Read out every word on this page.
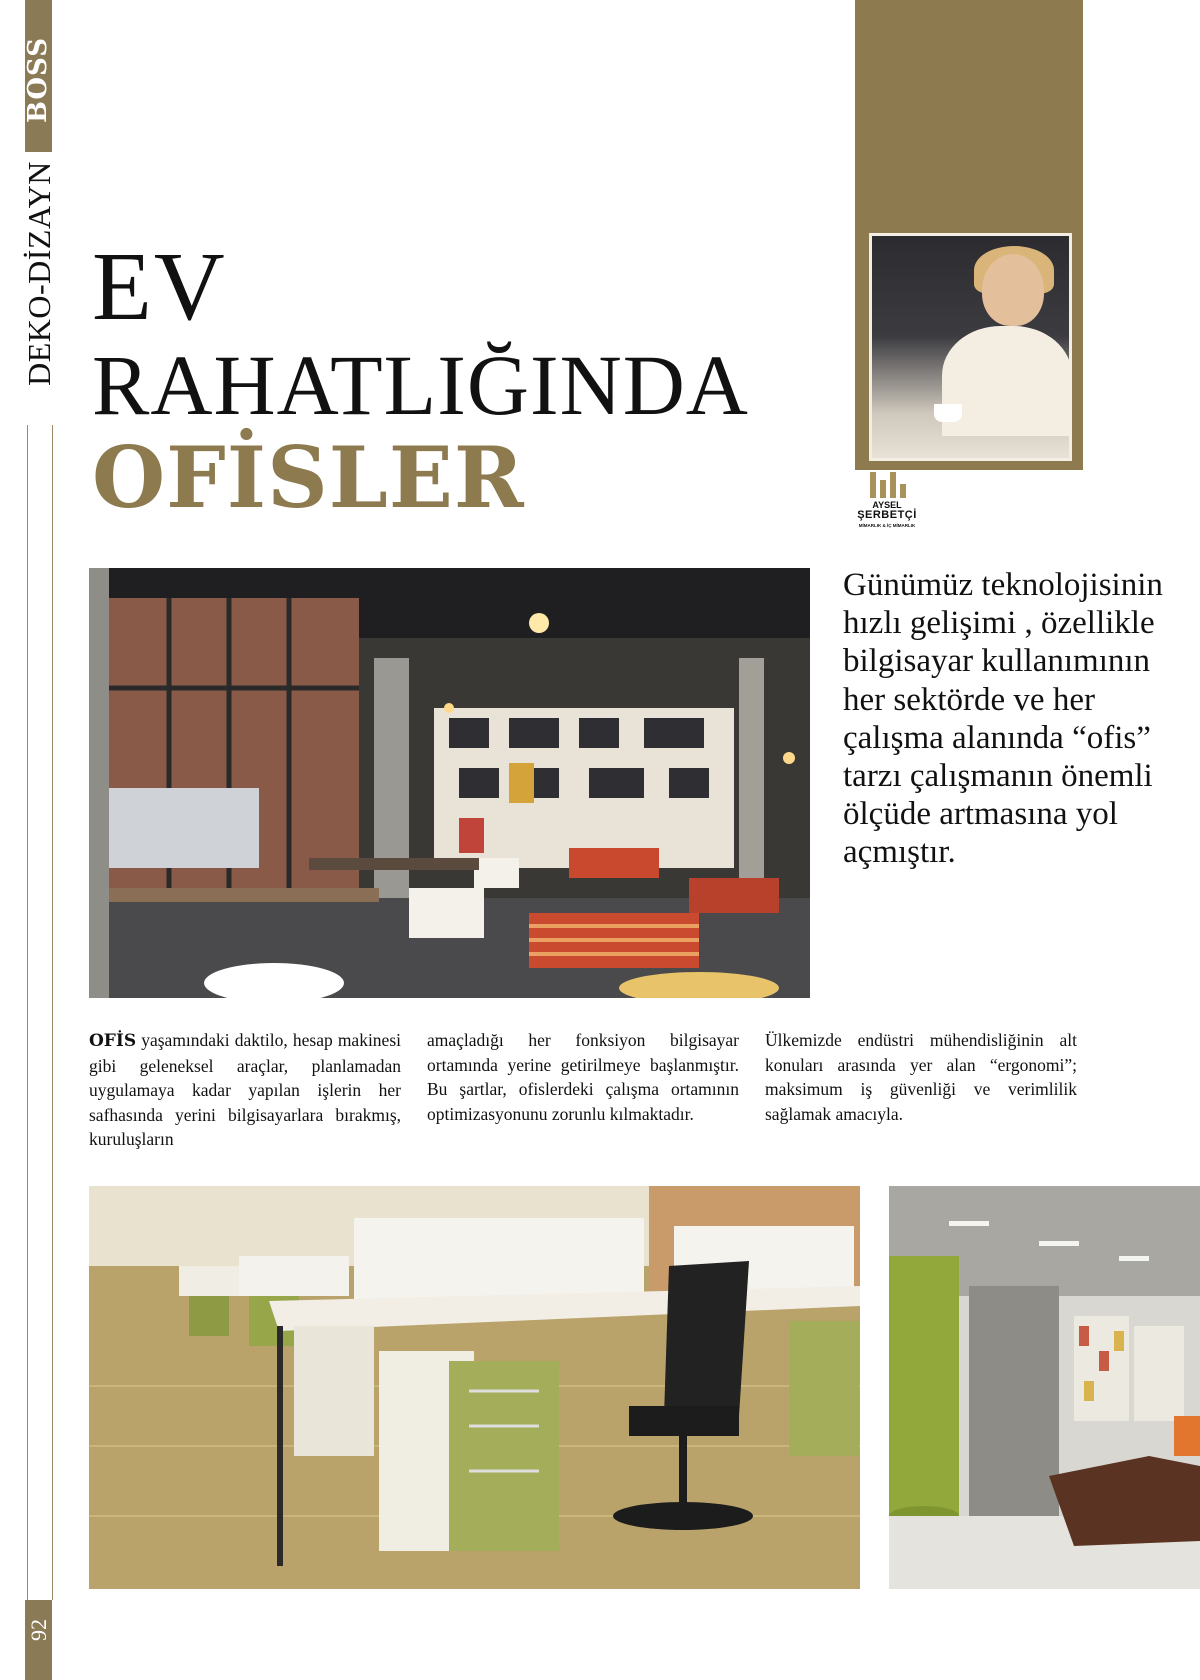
BOSS
DEKO-DİZAYN
92
AYSEL
ŞERBETÇİ
MİMARLIK & İÇ MİMARLIK
EV
RAHATLIĞINDA
OFİSLER
Günümüz teknolojisinin hızlı gelişimi , özellikle bilgisayar kullanımının her sektörde ve her çalışma alanında “ofis” tarzı çalışmanın önemli ölçüde artmasına yol açmıştır.
OFİS yaşamındaki daktilo, hesap makinesi gibi geleneksel araçlar, planlamadan uygulamaya kadar yapılan işlerin her safhasında yerini bilgisayarlara bırakmış, kuruluşların
amaçladığı her fonksiyon bilgisayar ortamında yerine getirilmeye başlanmıştır. Bu şartlar, ofislerdeki çalışma ortamının optimizasyonunu zorunlu kılmaktadır.
Ülkemizde endüstri mühendisliğinin alt konuları arasında yer alan “ergonomi”; maksimum iş güvenliği ve verimlilik sağlamak amacıyla.
